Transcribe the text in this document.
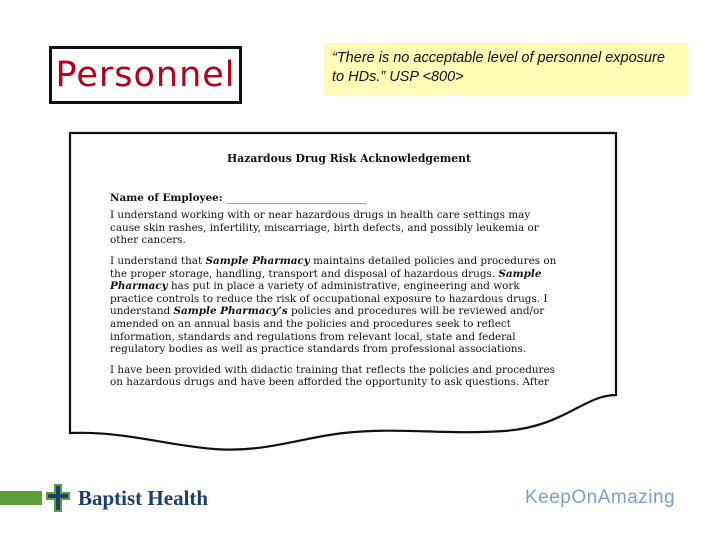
Personnel	“There is no acceptable level of personnel exposure to HDs.” USP <800>
Hazardous Drug Risk Acknowledgement
Name of Employee: ___________________________

I understand working with or near hazardous drugs in health care settings may cause skin rashes, infertility, miscarriage, birth defects, and possibly leukemia or other cancers.

I understand that Sample Pharmacy maintains detailed policies and procedures on the proper storage, handling, transport and disposal of hazardous drugs. Sample Pharmacy has put in place a variety of administrative, engineering and work practice controls to reduce the risk of occupational exposure to hazardous drugs. I understand Sample Pharmacy’s policies and procedures will be reviewed and/or amended on an annual basis and the policies and procedures seek to reflect information, standards and regulations from relevant local, state and federal regulatory bodies as well as practice standards from professional associations.

I have been provided with didactic training that reflects the policies and procedures on hazardous drugs and have been afforded the opportunity to ask questions. After

Baptist Health	KeepOnAmazing
